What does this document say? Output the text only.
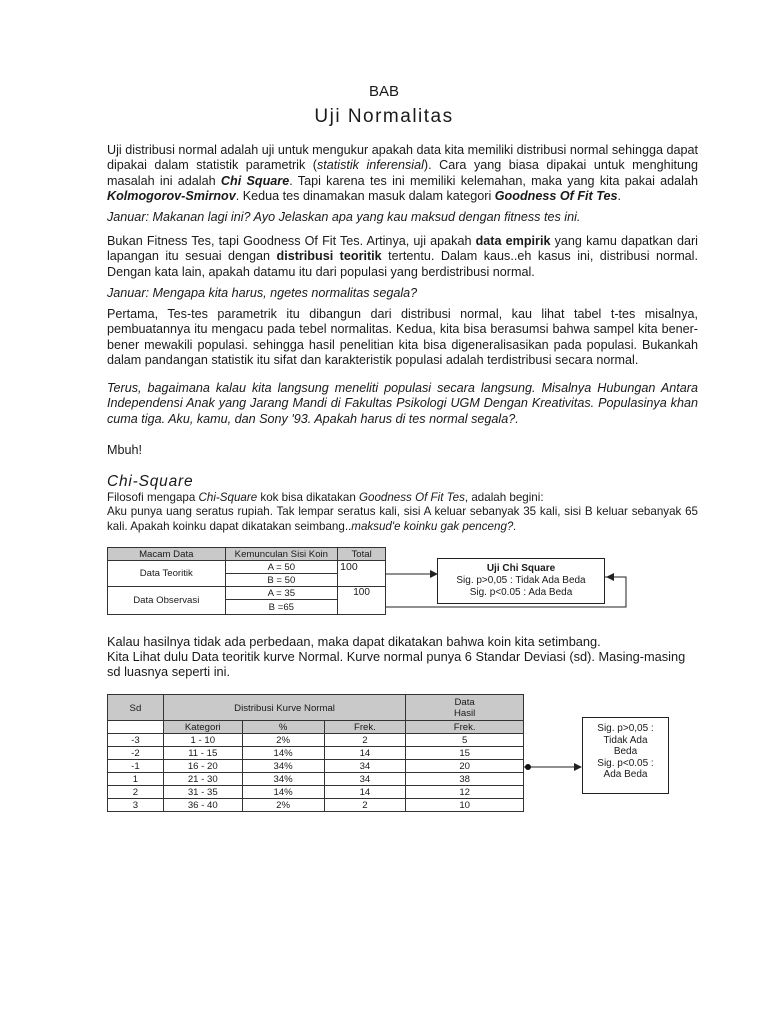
BAB
Uji Normalitas

Uji distribusi normal adalah uji untuk mengukur apakah data kita memiliki distribusi normal sehingga dapat dipakai dalam statistik parametrik (statistik inferensial). Cara yang biasa dipakai untuk menghitung masalah ini adalah Chi Square. Tapi karena tes ini memiliki kelemahan, maka yang kita pakai adalah Kolmogorov-Smirnov. Kedua tes dinamakan masuk dalam kategori Goodness Of Fit Tes.

Januar: Makanan lagi ini? Ayo Jelaskan apa yang kau maksud dengan fitness tes ini.

Bukan Fitness Tes, tapi Goodness Of Fit Tes. Artinya, uji apakah data empirik yang kamu dapatkan dari lapangan itu sesuai dengan distribusi teoritik tertentu. Dalam kaus..eh kasus ini, distribusi normal. Dengan kata lain, apakah datamu itu dari populasi yang berdistribusi normal.

Januar: Mengapa kita harus, ngetes normalitas segala?

Pertama, Tes-tes parametrik itu dibangun dari distribusi normal, kau lihat tabel t-tes misalnya, pembuatannya itu mengacu pada tebel normalitas. Kedua, kita bisa berasumsi bahwa sampel kita bener-bener mewakili populasi. sehingga hasil penelitian kita bisa digeneralisasikan pada populasi. Bukankah dalam pandangan statistik itu sifat dan karakteristik populasi adalah terdistribusi secara normal.

Terus, bagaimana kalau kita langsung meneliti populasi secara langsung. Misalnya Hubungan Antara Independensi Anak yang Jarang Mandi di Fakultas Psikologi UGM Dengan Kreativitas. Populasinya khan cuma tiga. Aku, kamu, dan Sony '93. Apakah harus di tes normal segala?.

Mbuh!

Chi-Square

Filosofi mengapa Chi-Square kok bisa dikatakan Goodness Of Fit Tes, adalah begini:

Aku punya uang seratus rupiah. Tak lempar seratus kali, sisi A keluar sebanyak 35 kali, sisi B keluar sebanyak 65 kali. Apakah koinku dapat dikatakan seimbang..maksud'e koinku gak penceng?.

Macam Data	Kemunculan Sisi Koin	Total
Data Teoritik	A = 50	100
	B = 50	
Data Observasi	A = 35	100
	B =65	
Uji Chi Square
Sig. p>0,05 : Tidak Ada Beda
Sig. p<0.05 : Ada Beda

Kalau hasilnya tidak ada perbedaan, maka dapat dikatakan bahwa koin kita setimbang.

Kita Lihat dulu Data teoritik kurve Normal. Kurve normal punya 6 Standar Deviasi (sd). Masing-masing sd luasnya seperti ini.

Sd	Distribusi Kurve Normal	Data
Hasil

	Kategori	%	Frek.	Frek.
-3	1 - 10	2%	2	5
-2	11 - 15	14%	14	15
-1	16 - 20	34%	34	20
1	21 - 30	34%	34	38
2	31 - 35	14%	14	12
3	36 - 40	2%	2	10
Sig. p>0,05 :
Tidak Ada
Beda
Sig. p<0.05 :
Ada Beda
